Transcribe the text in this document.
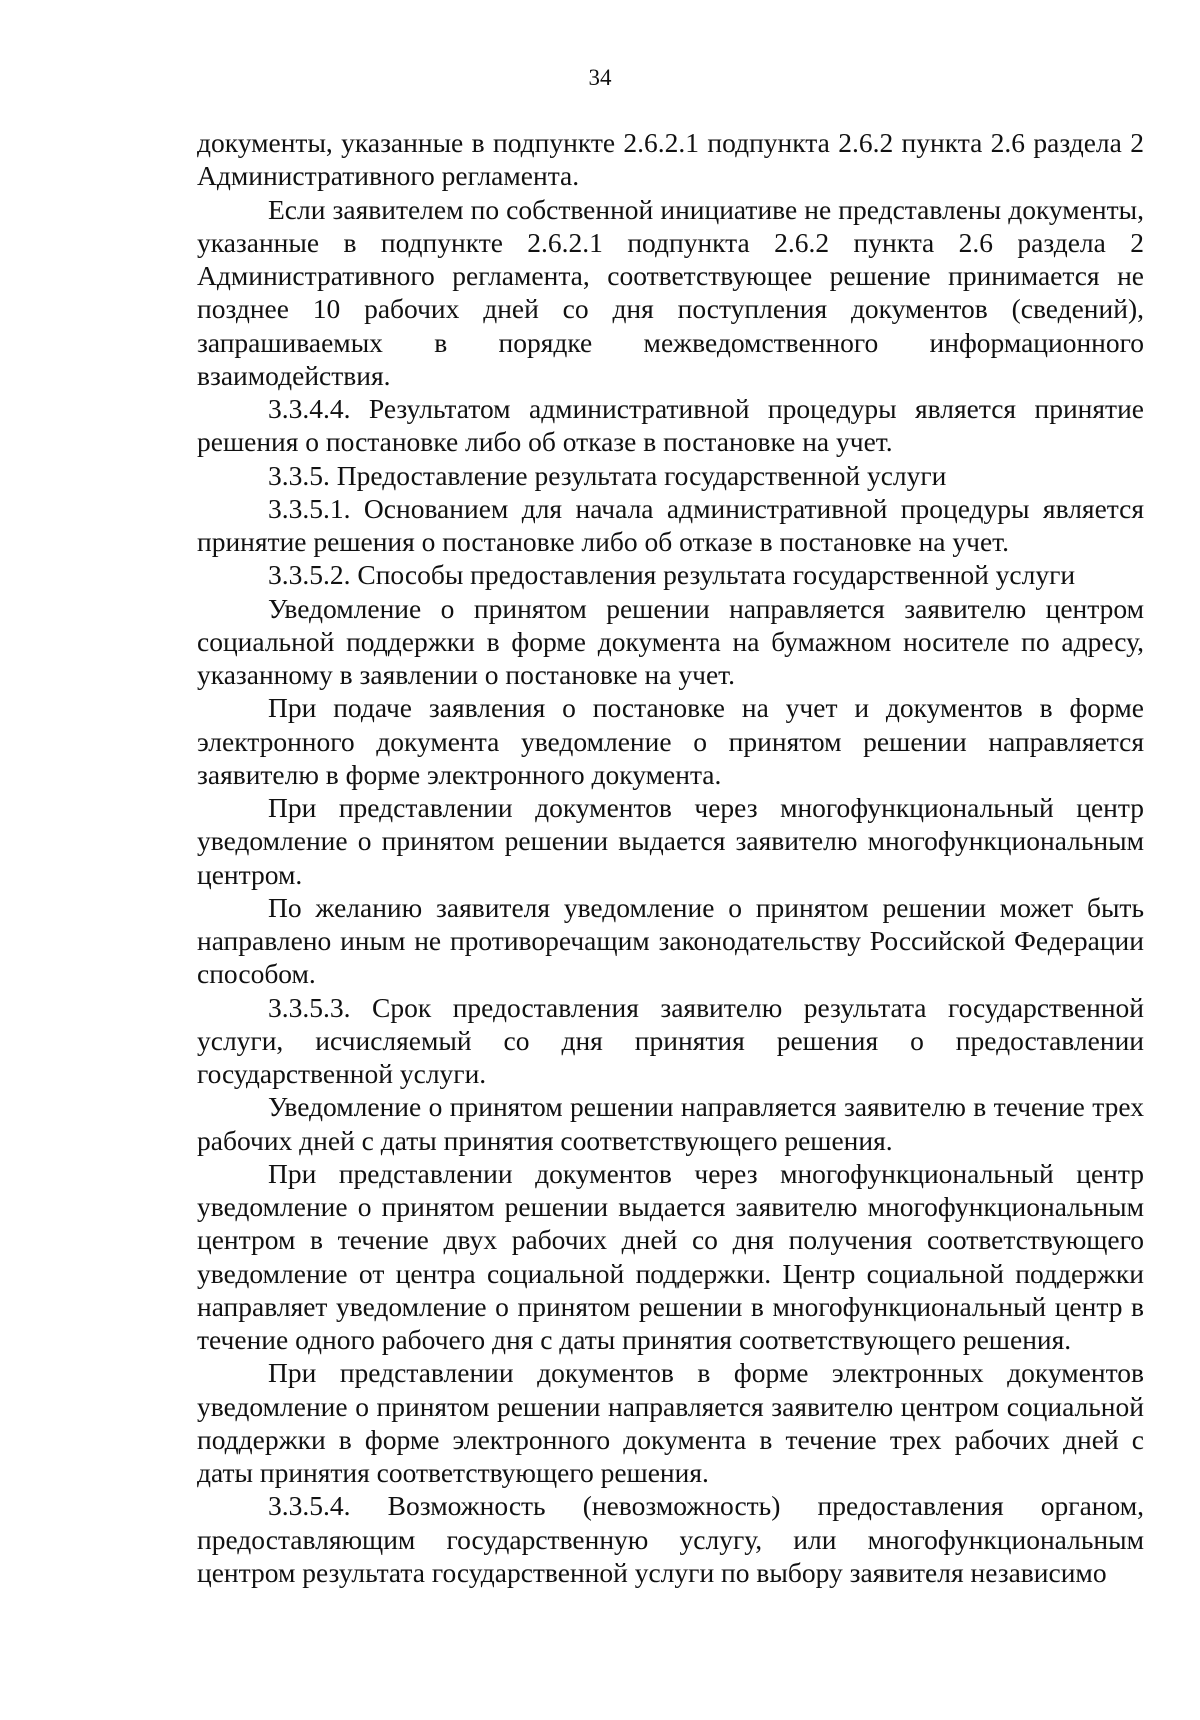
34

документы, указанные в подпункте 2.6.2.1 подпункта 2.6.2 пункта 2.6 раздела 2 Административного регламента.

Если заявителем по собственной инициативе не представлены документы, указанные в подпункте 2.6.2.1 подпункта 2.6.2 пункта 2.6 раздела 2 Административного регламента, соответствующее решение принимается не позднее 10 рабочих дней со дня поступления документов (сведений), запрашиваемых в порядке межведомственного информационного взаимодействия.

3.3.4.4. Результатом административной процедуры является принятие решения о постановке либо об отказе в постановке на учет.

3.3.5. Предоставление результата государственной услуги

3.3.5.1. Основанием для начала административной процедуры является принятие решения о постановке либо об отказе в постановке на учет.

3.3.5.2. Способы предоставления результата государственной услуги

Уведомление о принятом решении направляется заявителю центром социальной поддержки в форме документа на бумажном носителе по адресу, указанному в заявлении о постановке на учет.

При подаче заявления о постановке на учет и документов в форме электронного документа уведомление о принятом решении направляется заявителю в форме электронного документа.

При представлении документов через многофункциональный центр уведомление о принятом решении выдается заявителю многофункциональным центром.

По желанию заявителя уведомление о принятом решении может быть направлено иным не противоречащим законодательству Российской Федерации способом.

3.3.5.3. Срок предоставления заявителю результата государственной услуги, исчисляемый со дня принятия решения о предоставлении государственной услуги.

Уведомление о принятом решении направляется заявителю в течение трех рабочих дней с даты принятия соответствующего решения.

При представлении документов через многофункциональный центр уведомление о принятом решении выдается заявителю многофункциональным центром в течение двух рабочих дней со дня получения соответствующего уведомление от центра социальной поддержки. Центр социальной поддержки направляет уведомление о принятом решении в многофункциональный центр в течение одного рабочего дня с даты принятия соответствующего решения.

При представлении документов в форме электронных документов уведомление о принятом решении направляется заявителю центром социальной поддержки в форме электронного документа в течение трех рабочих дней с даты принятия соответствующего решения.

3.3.5.4. Возможность (невозможность) предоставления органом, предоставляющим государственную услугу, или многофункциональным центром результата государственной услуги по выбору заявителя независимо
